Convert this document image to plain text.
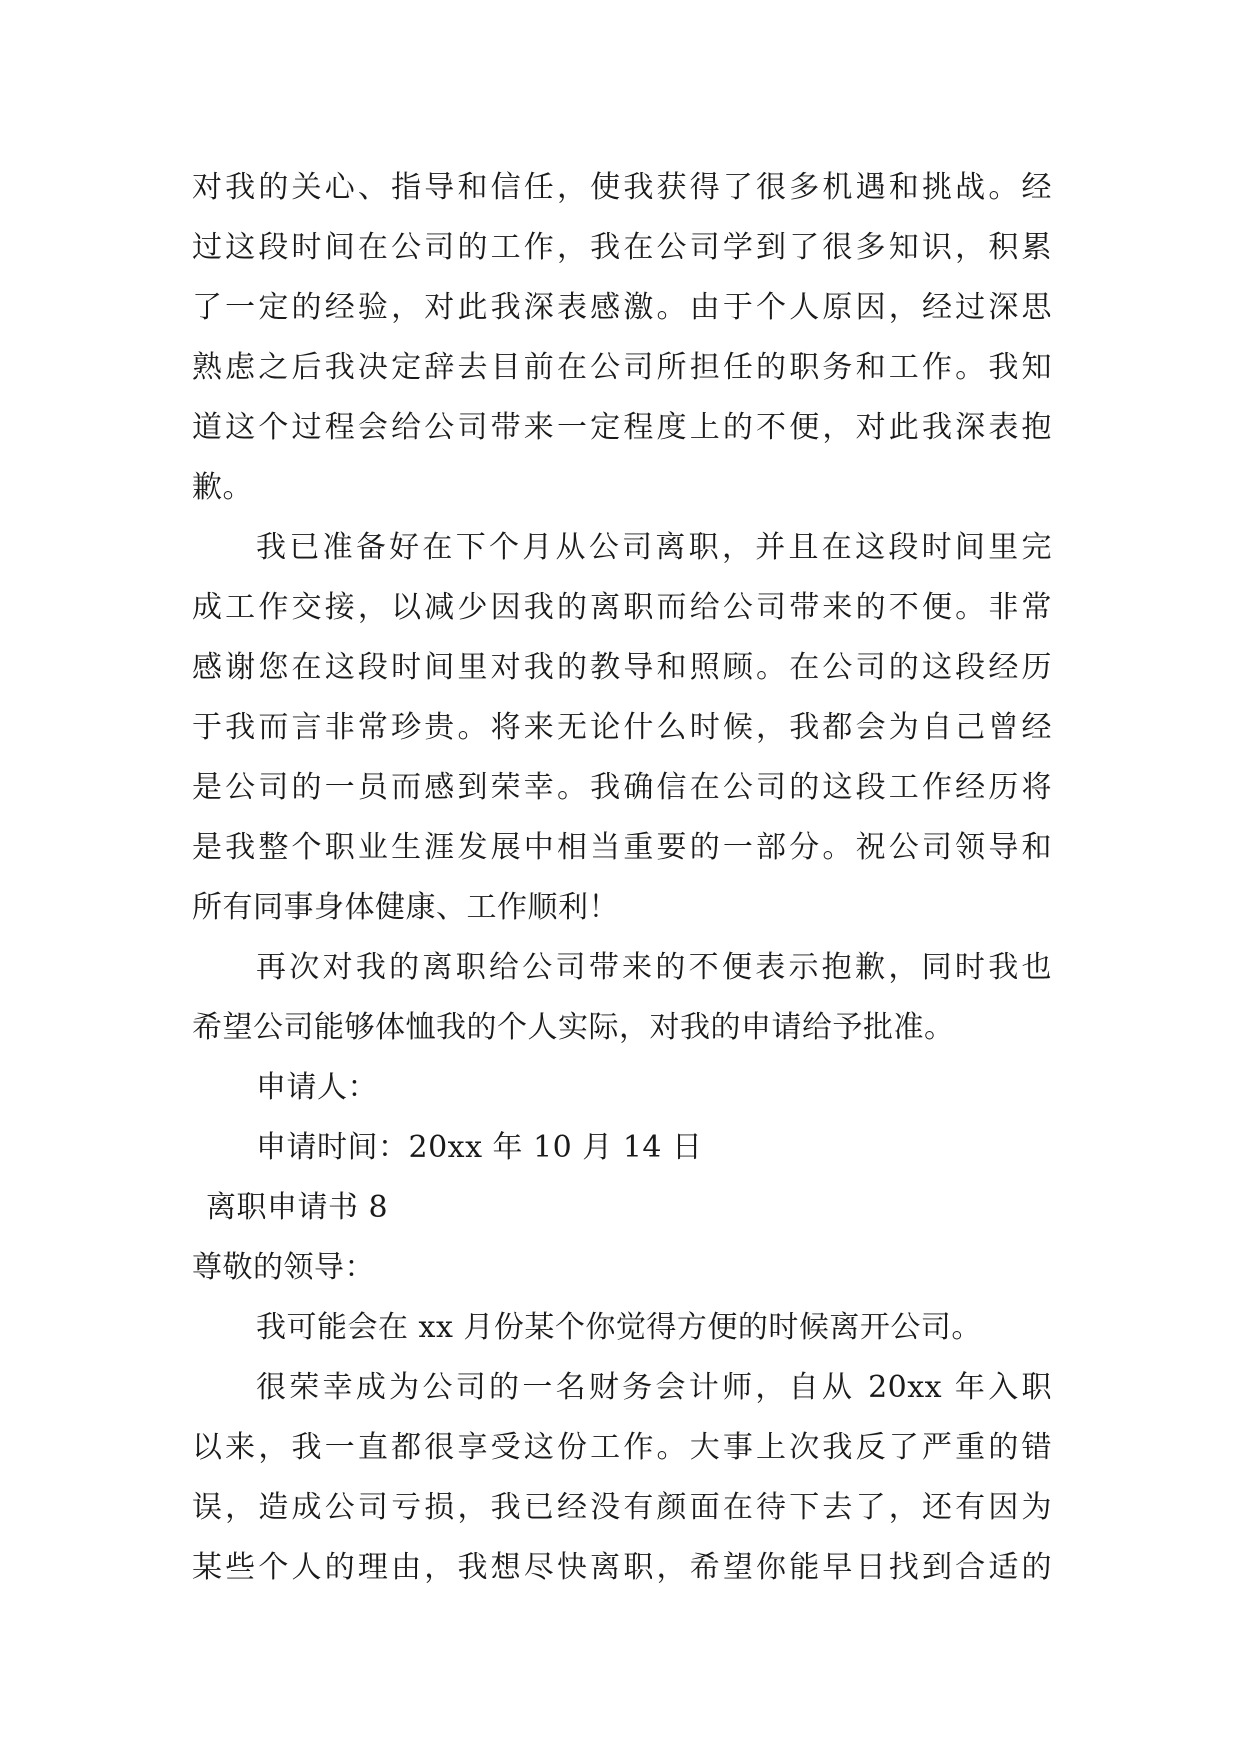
对我的关心、指导和信任，使我获得了很多机遇和挑战。经
过这段时间在公司的工作，我在公司学到了很多知识，积累
了一定的经验，对此我深表感激。由于个人原因，经过深思
熟虑之后我决定辞去目前在公司所担任的职务和工作。我知
道这个过程会给公司带来一定程度上的不便，对此我深表抱
歉。
我已准备好在下个月从公司离职，并且在这段时间里完
成工作交接，以减少因我的离职而给公司带来的不便。非常
感谢您在这段时间里对我的教导和照顾。在公司的这段经历
于我而言非常珍贵。将来无论什么时候，我都会为自己曾经
是公司的一员而感到荣幸。我确信在公司的这段工作经历将
是我整个职业生涯发展中相当重要的一部分。祝公司领导和
所有同事身体健康、工作顺利！
再次对我的离职给公司带来的不便表示抱歉，同时我也
希望公司能够体恤我的个人实际，对我的申请给予批准。
申请人：
申请时间：20xx 年 10 月 14 日
离职申请书 8
尊敬的领导：
我可能会在 xx 月份某个你觉得方便的时候离开公司。
很荣幸成为公司的一名财务会计师，自从 20xx 年入职
以来，我一直都很享受这份工作。大事上次我反了严重的错
误，造成公司亏损，我已经没有颜面在待下去了，还有因为
某些个人的理由，我想尽快离职，希望你能早日找到合适的
